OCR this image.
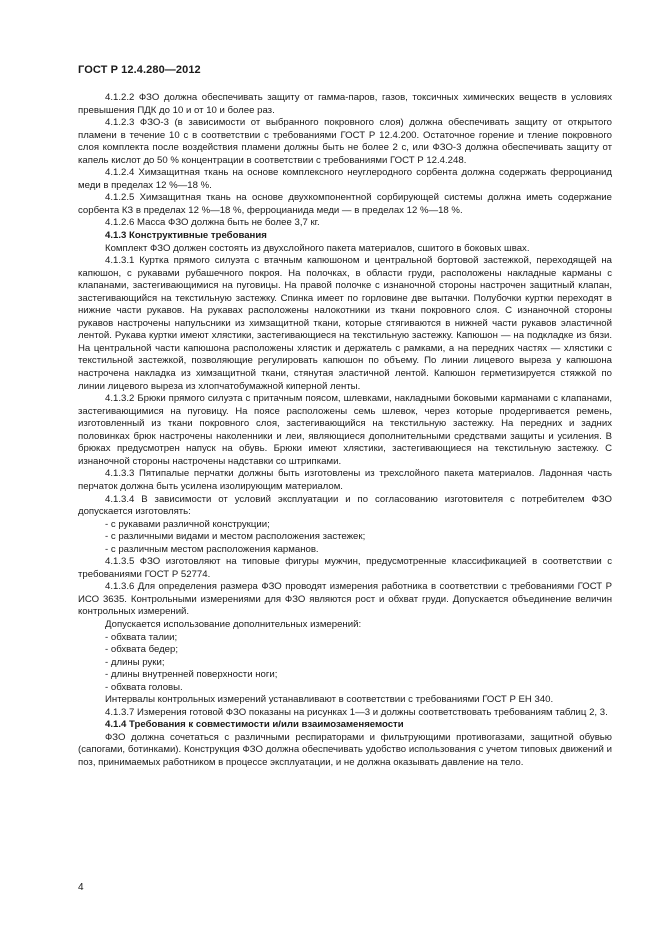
ГОСТ Р 12.4.280—2012

4.1.2.2 ФЗО должна обеспечивать защиту от гамма-паров, газов, токсичных химических веществ в условиях превышения ПДК до 10 и от 10 и более раз.

4.1.2.3 ФЗО-3 (в зависимости от выбранного покровного слоя) должна обеспечивать защиту от открытого пламени в течение 10 с в соответствии с требованиями ГОСТ Р 12.4.200. Остаточное горение и тление покровного слоя комплекта после воздействия пламени должны быть не более 2 с, или ФЗО-3 должна обеспечивать защиту от капель кислот до 50 % концентрации в соответствии с требованиями ГОСТ Р 12.4.248.

4.1.2.4 Химзащитная ткань на основе комплексного неуглеродного сорбента должна содержать ферроцианид меди в пределах 12 %—18 %.

4.1.2.5 Химзащитная ткань на основе двухкомпонентной сорбирующей системы должна иметь содержание сорбента КЗ в пределах 12 %—18 %, ферроцианида меди — в пределах 12 %—18 %.

4.1.2.6 Масса ФЗО должна быть не более 3,7 кг.

4.1.3 Конструктивные требования

Комплект ФЗО должен состоять из двухслойного пакета материалов, сшитого в боковых швах.

4.1.3.1 Куртка прямого силуэта с втачным капюшоном и центральной бортовой застежкой, переходящей на капюшон, с рукавами рубашечного покроя. На полочках, в области груди, расположены накладные карманы с клапанами, застегивающимися на пуговицы. На правой полочке с изнаночной стороны настрочен защитный клапан, застегивающийся на текстильную застежку. Спинка имеет по горловине две вытачки. Полубочки куртки переходят в нижние части рукавов. На рукавах расположены налокотники из ткани покровного слоя. С изнаночной стороны рукавов настрочены напульсники из химзащитной ткани, которые стягиваются в нижней части рукавов эластичной лентой. Рукава куртки имеют хлястики, застегивающиеся на текстильную застежку. Капюшон — на подкладке из бязи. На центральной части капюшона расположены хлястик и держатель с рамками, а на передних частях — хлястики с текстильной застежкой, позволяющие регулировать капюшон по объему. По линии лицевого выреза у капюшона настрочена накладка из химзащитной ткани, стянутая эластичной лентой. Капюшон герметизируется стяжкой по линии лицевого выреза из хлопчатобумажной киперной ленты.

4.1.3.2 Брюки прямого силуэта с притачным поясом, шлевками, накладными боковыми карманами с клапанами, застегивающимися на пуговицу. На поясе расположены семь шлевок, через которые продергивается ремень, изготовленный из ткани покровного слоя, застегивающийся на текстильную застежку. На передних и задних половинках брюк настрочены наколенники и леи, являющиеся дополнительными средствами защиты и усиления. В брюках предусмотрен напуск на обувь. Брюки имеют хлястики, застегивающиеся на текстильную застежку. С изнаночной стороны настрочены надставки со штрипками.

4.1.3.3 Пятипалые перчатки должны быть изготовлены из трехслойного пакета материалов. Ладонная часть перчаток должна быть усилена изолирующим материалом.

4.1.3.4 В зависимости от условий эксплуатации и по согласованию изготовителя с потребителем ФЗО допускается изготовлять:

- с рукавами различной конструкции;

- с различными видами и местом расположения застежек;

- с различным местом расположения карманов.

4.1.3.5 ФЗО изготовляют на типовые фигуры мужчин, предусмотренные классификацией в соответствии с требованиями ГОСТ Р 52774.

4.1.3.6 Для определения размера ФЗО проводят измерения работника в соответствии с требованиями ГОСТ Р ИСО 3635. Контрольными измерениями для ФЗО являются рост и обхват груди. Допускается объединение величин контрольных измерений.

Допускается использование дополнительных измерений:

- обхвата талии;

- обхвата бедер;

- длины руки;

- длины внутренней поверхности ноги;

- обхвата головы.

Интервалы контрольных измерений устанавливают в соответствии с требованиями ГОСТ Р ЕН 340.

4.1.3.7 Измерения готовой ФЗО показаны на рисунках 1—3 и должны соответствовать требованиям таблиц 2, 3.

4.1.4 Требования к совместимости и/или взаимозаменяемости

ФЗО должна сочетаться с различными респираторами и фильтрующими противогазами, защитной обувью (сапогами, ботинками). Конструкция ФЗО должна обеспечивать удобство использования с учетом типовых движений и поз, принимаемых работником в процессе эксплуатации, и не должна оказывать давление на тело.

4
